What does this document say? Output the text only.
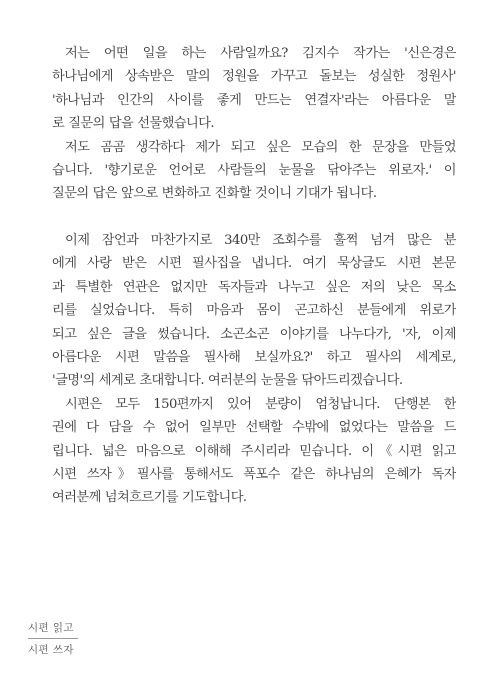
저는 어떤 일을 하는 사람일까요? 김지수 작가는 '신은경은
하나님에게 상속받은 말의 정원을 가꾸고 돌보는 성실한 정원사'
'하나님과 인간의 사이를 좋게 만드는 연결자'라는 아름다운 말
로 질문의 답을 선물했습니다.

저도 곰곰 생각하다 제가 되고 싶은 모습의 한 문장을 만들었
습니다. '향기로운 언어로 사람들의 눈물을 닦아주는 위로자.' 이
질문의 답은 앞으로 변화하고 진화할 것이니 기대가 됩니다.

이제 잠언과 마찬가지로 340만 조회수를 훌쩍 넘겨 많은 분
에게 사랑 받은 시편 필사집을 냅니다. 여기 묵상글도 시편 본문
과 특별한 연관은 없지만 독자들과 나누고 싶은 저의 낮은 목소
리를 실었습니다. 특히 마음과 몸이 곤고하신 분들에게 위로가
되고 싶은 글을 썼습니다. 소곤소곤 이야기를 나누다가, '자, 이제
아름다운 시편 말씀을 필사해 보실까요?' 하고 필사의 세계로,
'글명'의 세계로 초대합니다. 여러분의 눈물을 닦아드리겠습니다.

시편은 모두 150편까지 있어 분량이 엄청납니다. 단행본 한
권에 다 담을 수 없어 일부만 선택할 수밖에 없었다는 말씀을 드
립니다. 넓은 마음으로 이해해 주시리라 믿습니다. 이《시편 읽고
시편 쓰자》필사를 통해서도 폭포수 같은 하나님의 은혜가 독자
여러분께 넘쳐흐르기를 기도합니다.

시편 읽고
시편 쓰자
